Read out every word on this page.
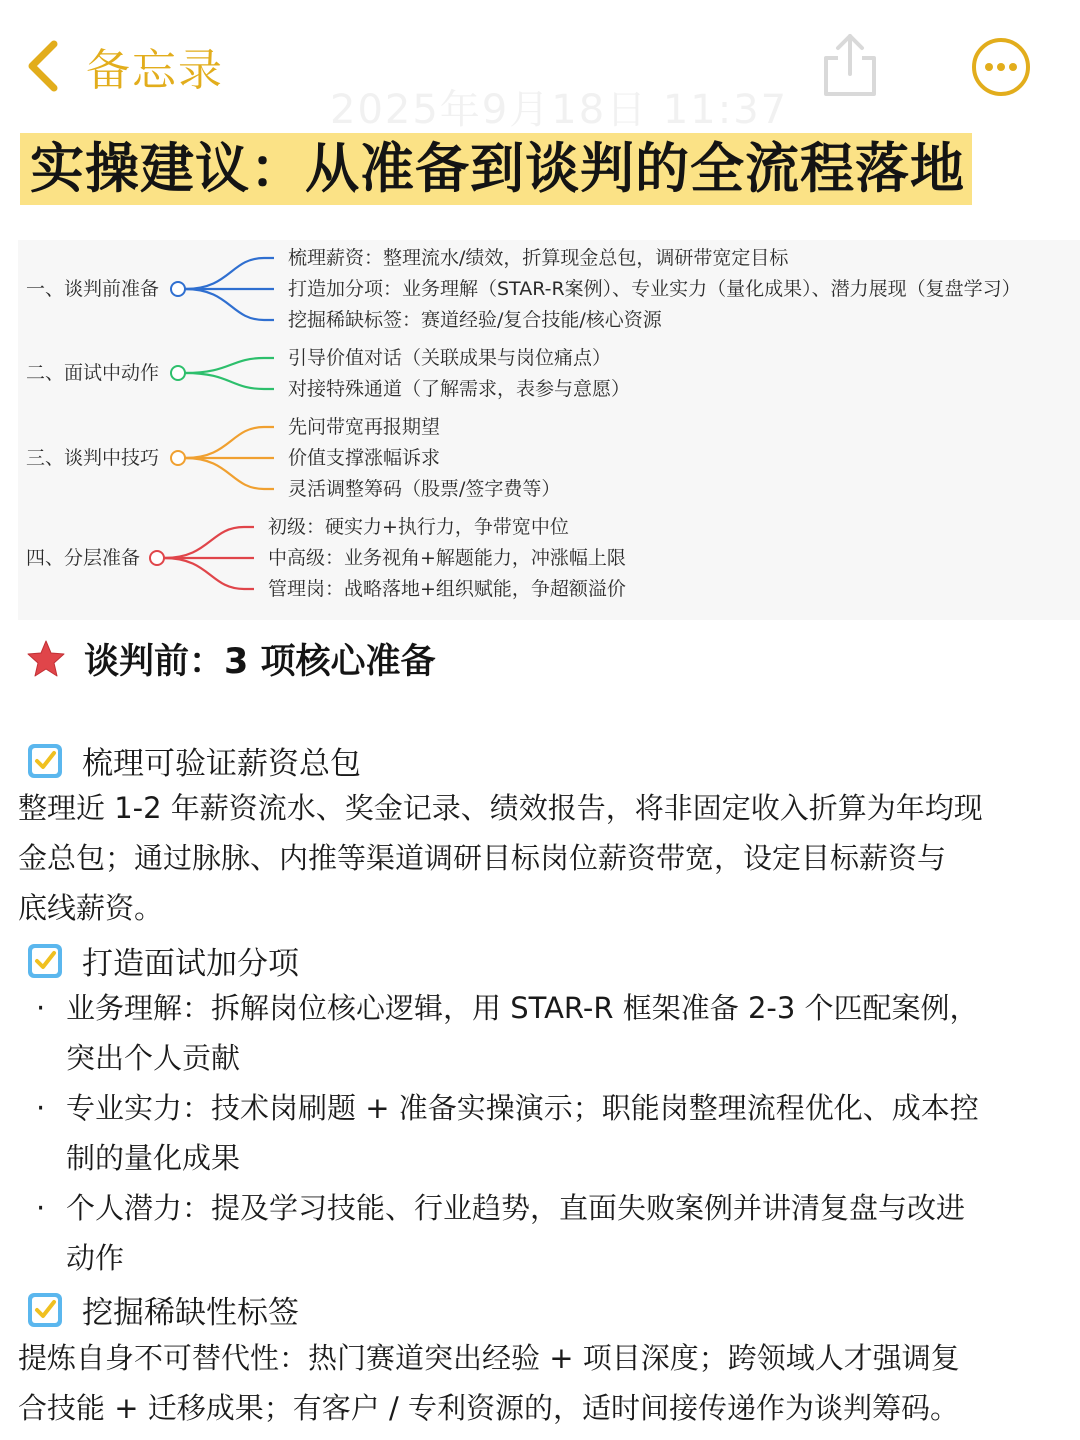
备忘录
2025年9月18日 11:37
实操建议：从准备到谈判的全流程落地
一、谈判前准备
梳理薪资：整理流水/绩效，折算现金总包，调研带宽定目标
打造加分项：业务理解（STAR-R案例）、专业实力（量化成果）、潜力展现（复盘学习）
挖掘稀缺标签：赛道经验/复合技能/核心资源
二、面试中动作
引导价值对话（关联成果与岗位痛点）
对接特殊通道（了解需求，表参与意愿）
三、谈判中技巧
先问带宽再报期望
价值支撑涨幅诉求
灵活调整筹码（股票/签字费等）
四、分层准备
初级：硬实力+执行力，争带宽中位
中高级：业务视角+解题能力，冲涨幅上限
管理岗：战略落地+组织赋能，争超额溢价
谈判前：3 项核心准备
梳理可验证薪资总包
整理近 1-2 年薪资流水、奖金记录、绩效报告，将非固定收入折算为年均现
金总包；通过脉脉、内推等渠道调研目标岗位薪资带宽，设定目标薪资与
底线薪资。
打造面试加分项
· 业务理解：拆解岗位核心逻辑，用 STAR-R 框架准备 2-3 个匹配案例，
突出个人贡献
· 专业实力：技术岗刷题 + 准备实操演示；职能岗整理流程优化、成本控
制的量化成果
· 个人潜力：提及学习技能、行业趋势，直面失败案例并讲清复盘与改进
动作
挖掘稀缺性标签
提炼自身不可替代性：热门赛道突出经验 + 项目深度；跨领域人才强调复
合技能 + 迁移成果；有客户 / 专利资源的，适时间接传递作为谈判筹码。
